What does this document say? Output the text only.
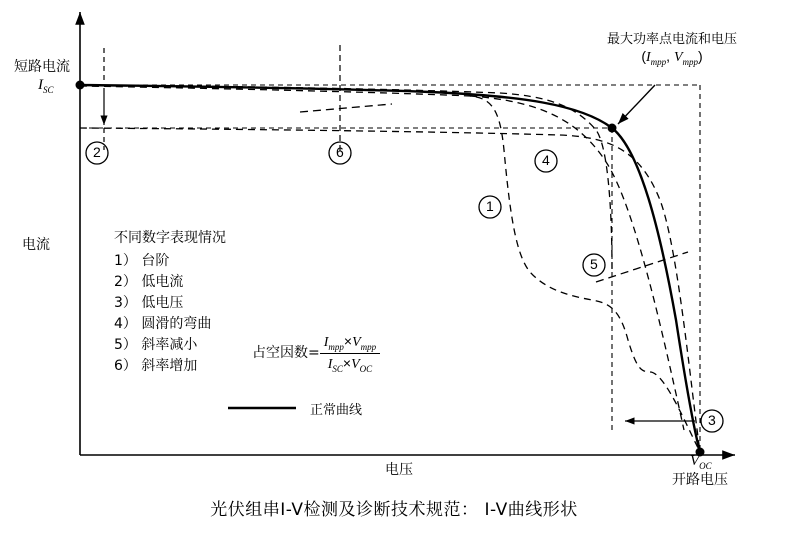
短路电流
$I_{SC}$
电流
电压
$V_{OC}$
开路电压
最大功率点电流和电压
($I_{mpp}$, $V_{mpp}$)
2	6
1
4
5
3
不同数字表现情况
1） 台阶
2） 低电流
3） 低电压
4） 圆滑的弯曲
5） 斜率减小
6） 斜率增加
占空因数= $\frac{I_{mpp}\times V_{mpp}}{I_{SC}\times V_{OC}}$
正常曲线
光伏组串I-V检测及诊断技术规范： I-V曲线形状
